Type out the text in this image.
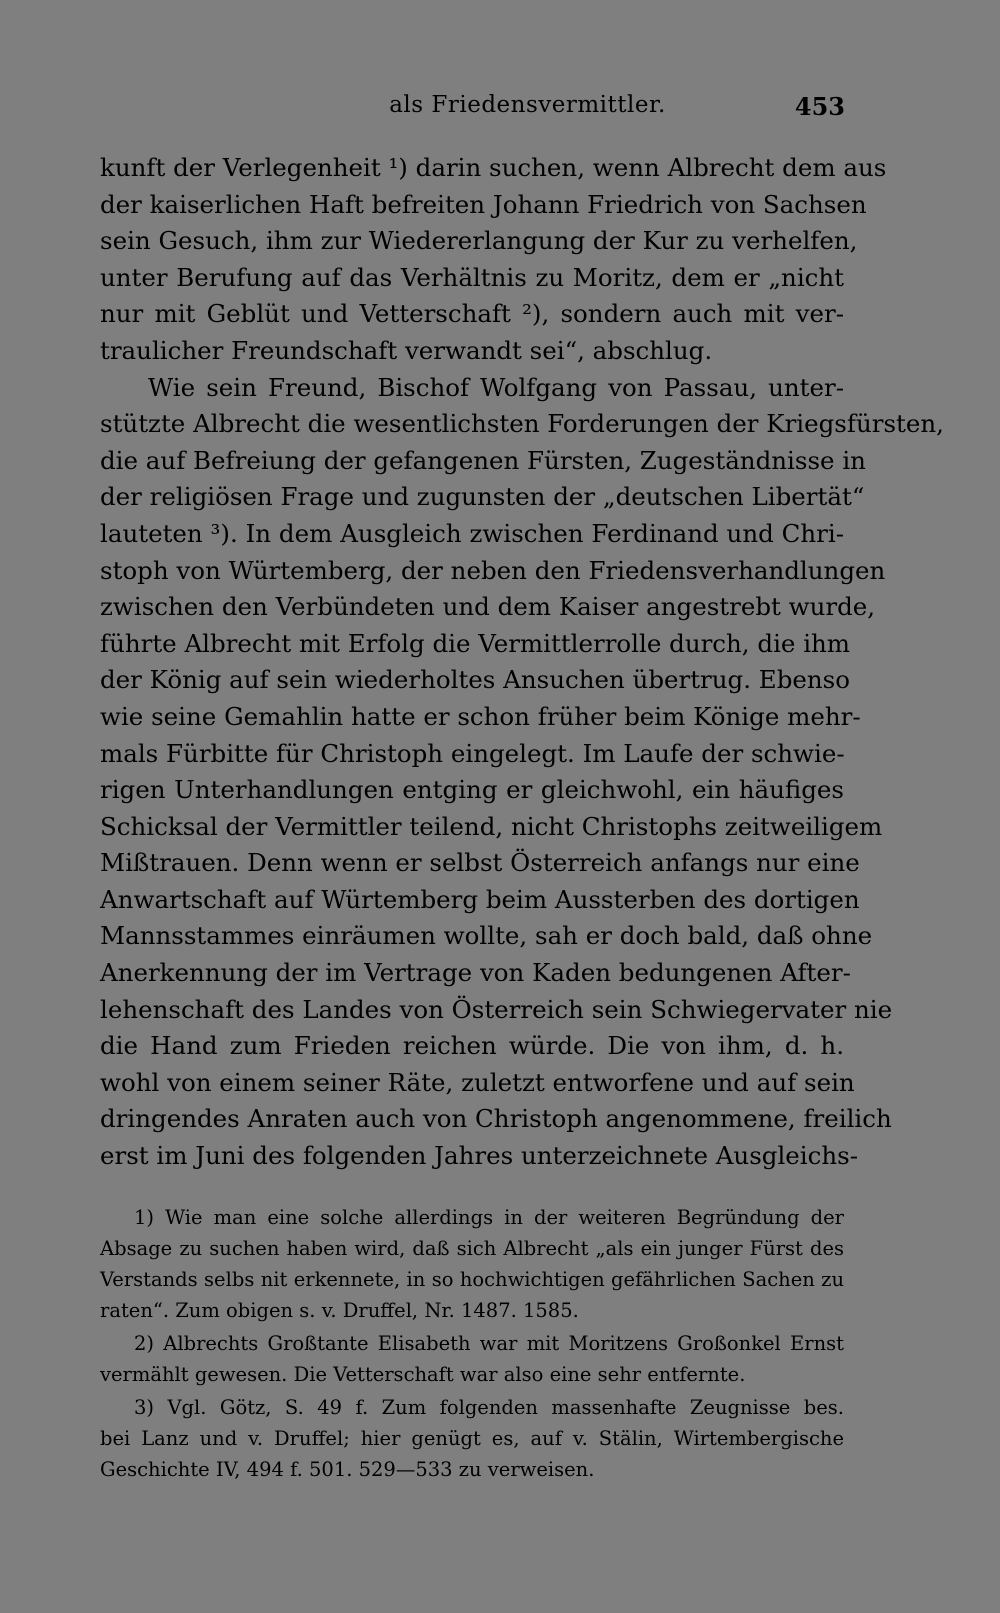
als Friedensvermittler.	453

kunft der Verlegenheit ¹) darin suchen, wenn Albrecht dem aus
der kaiserlichen Haft befreiten Johann Friedrich von Sachsen
sein Gesuch, ihm zur Wiedererlangung der Kur zu verhelfen,
unter Berufung auf das Verhältnis zu Moritz, dem er „nicht
nur mit Geblüt und Vetterschaft ²), sondern auch mit ver-
traulicher Freundschaft verwandt sei“, abschlug.

Wie sein Freund, Bischof Wolfgang von Passau, unter-
stützte Albrecht die wesentlichsten Forderungen der Kriegsfürsten,
die auf Befreiung der gefangenen Fürsten, Zugeständnisse in
der religiösen Frage und zugunsten der „deutschen Libertät“
lauteten ³). In dem Ausgleich zwischen Ferdinand und Chri-
stoph von Würtemberg, der neben den Friedensverhandlungen
zwischen den Verbündeten und dem Kaiser angestrebt wurde,
führte Albrecht mit Erfolg die Vermittlerrolle durch, die ihm
der König auf sein wiederholtes Ansuchen übertrug. Ebenso
wie seine Gemahlin hatte er schon früher beim Könige mehr-
mals Fürbitte für Christoph eingelegt. Im Laufe der schwie-
rigen Unterhandlungen entging er gleichwohl, ein häufiges
Schicksal der Vermittler teilend, nicht Christophs zeitweiligem
Mißtrauen. Denn wenn er selbst Österreich anfangs nur eine
Anwartschaft auf Würtemberg beim Aussterben des dortigen
Mannsstammes einräumen wollte, sah er doch bald, daß ohne
Anerkennung der im Vertrage von Kaden bedungenen After-
lehenschaft des Landes von Österreich sein Schwiegervater nie
die Hand zum Frieden reichen würde. Die von ihm, d. h.
wohl von einem seiner Räte, zuletzt entworfene und auf sein
dringendes Anraten auch von Christoph angenommene, freilich
erst im Juni des folgenden Jahres unterzeichnete Ausgleichs-

1) Wie man eine solche allerdings in der weiteren Begründung der
Absage zu suchen haben wird, daß sich Albrecht „als ein junger Fürst des
Verstands selbs nit erkennete, in so hochwichtigen gefährlichen Sachen zu
raten“. Zum obigen s. v. Druffel, Nr. 1487. 1585.
2) Albrechts Großtante Elisabeth war mit Moritzens Großonkel Ernst
vermählt gewesen. Die Vetterschaft war also eine sehr entfernte.
3) Vgl. Götz, S. 49 f. Zum folgenden massenhafte Zeugnisse bes.
bei Lanz und v. Druffel; hier genügt es, auf v. Stälin, Wirtembergische
Geschichte IV, 494 f. 501. 529—533 zu verweisen.
